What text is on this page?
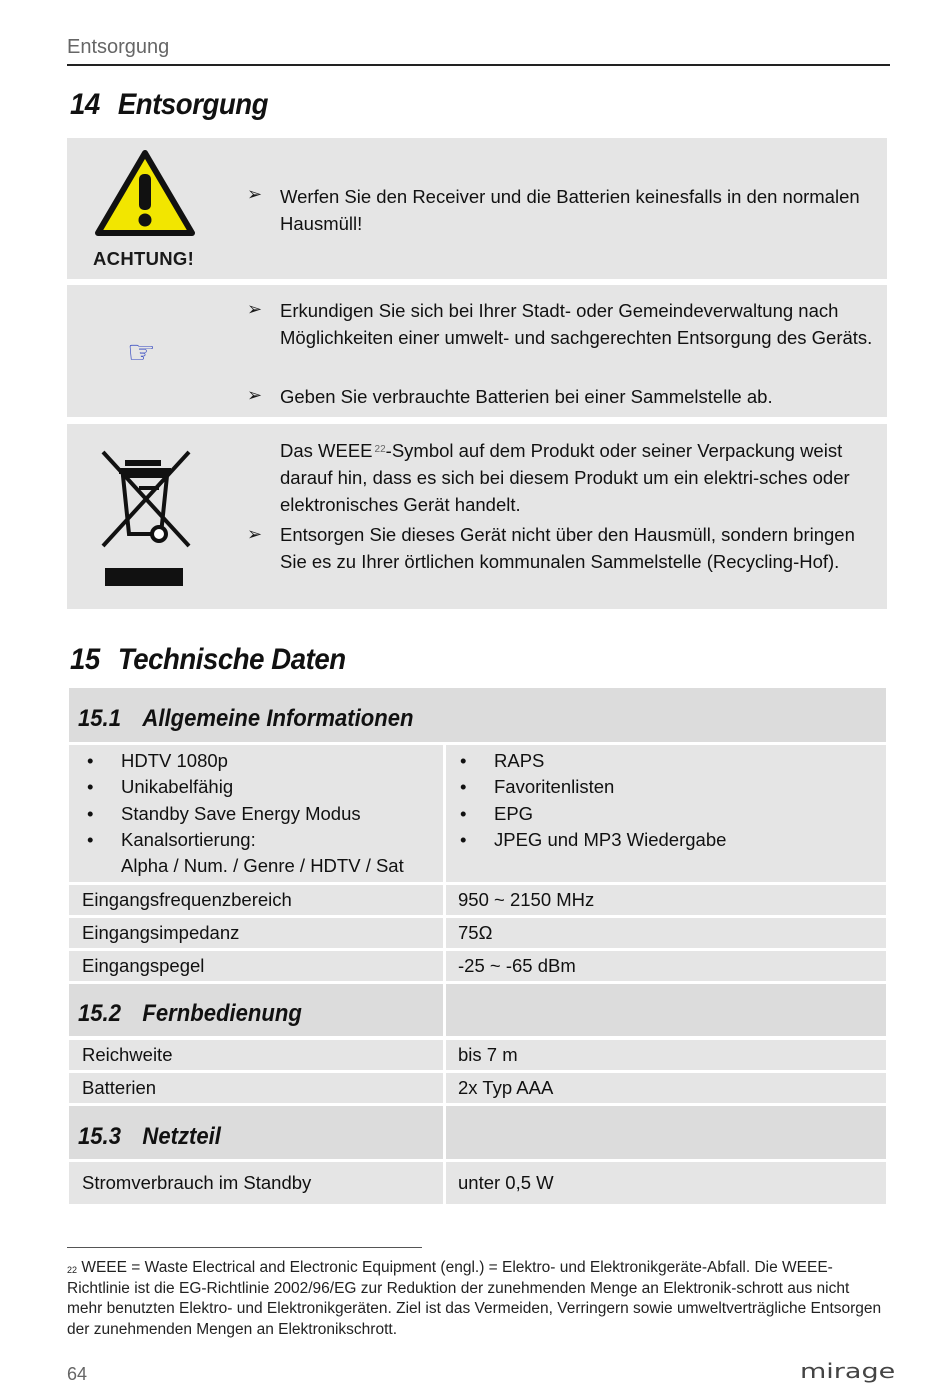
Entsorgung
14 Entsorgung
ACHTUNG!
➢ Werfen Sie den Receiver und die Batterien keinesfalls in den normalen Hausmüll!
☞
➢ Erkundigen Sie sich bei Ihrer Stadt- oder Gemeindeverwaltung nach Möglichkeiten einer umwelt- und sachgerechten Entsorgung des Geräts.
➢ Geben Sie verbrauchte Batterien bei einer Sammelstelle ab.
Das WEEE $^{22}$-Symbol auf dem Produkt oder seiner Verpackung weist darauf hin, dass es sich bei diesem Produkt um ein elektri-sches oder elektronisches Gerät handelt.
➢ Entsorgen Sie dieses Gerät nicht über den Hausmüll, sondern bringen Sie es zu Ihrer örtlichen kommunalen Sammelstelle (Recycling-Hof).
15 Technische Daten
15.1 Allgemeine Informationen
• HDTV 1080p
• Unikabelfähig
• Standby Save Energy Modus
• Kanalsortierung:
Alpha / Num. / Genre / HDTV / Sat
• RAPS
• Favoritenlisten
• EPG
• JPEG und MP3 Wiedergabe
Eingangsfrequenzbereich	950 ~ 2150 MHz
Eingangsimpedanz	75Ω
Eingangspegel	-25 ~ -65 dBm
15.2 Fernbedienung
Reichweite	bis 7 m
Batterien	2x Typ AAA
15.3 Netzteil
Stromverbrauch im Standby	unter 0,5 W
$^{22}$ WEEE = Waste Electrical and Electronic Equipment (engl.) = Elektro- und Elektronikgeräte-Abfall. Die WEEE-Richtlinie ist die EG-Richtlinie 2002/96/EG zur Reduktion der zunehmenden Menge an Elektronik-schrott aus nicht mehr benutzten Elektro- und Elektronikgeräten. Ziel ist das Vermeiden, Verringern sowie umweltverträgliche Entsorgen der zunehmenden Mengen an Elektronikschrott.
64	mirage
